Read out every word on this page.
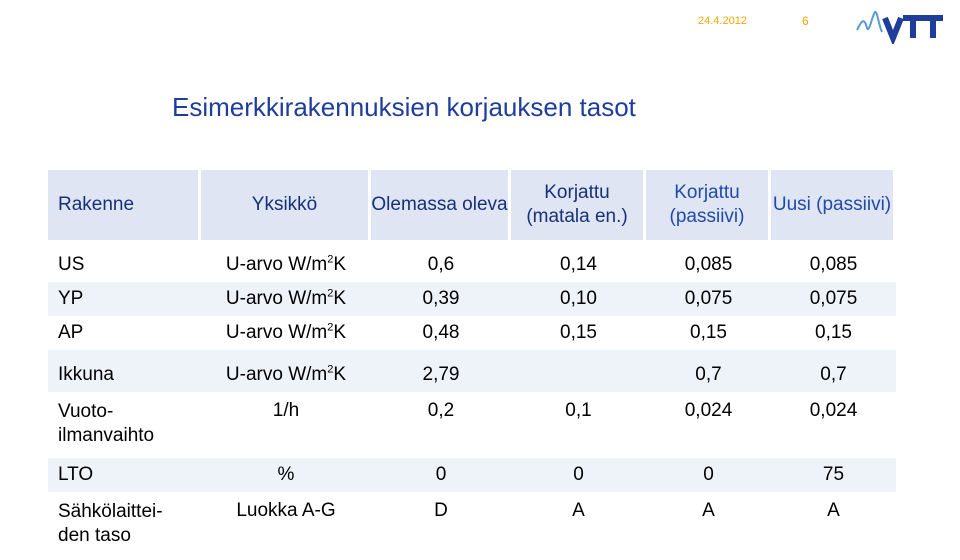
24.4.2012	6
Esimerkkirakennuksien korjauksen tasot
Rakenne	Yksikkö	Olemassa oleva	Korjattu (matala en.)	Korjattu (passiivi)	Uusi (passiivi)
US	U-arvo $W/m^2K$	0,6	0,14	0,085	0,085
YP	U-arvo $W/m^2K$	0,39	0,10	0,075	0,075
AP	U-arvo $W/m^2K$	0,48	0,15	0,15	0,15
Ikkuna	U-arvo $W/m^2K$	2,79		0,7	0,7

Vuoto-
ilmanvaihto	1/h	0,2	0,1	0,024	0,024
LTO	%	0	0	0	75

Sähkölaittei-
den taso	Luokka A-G	D	A	A	A
